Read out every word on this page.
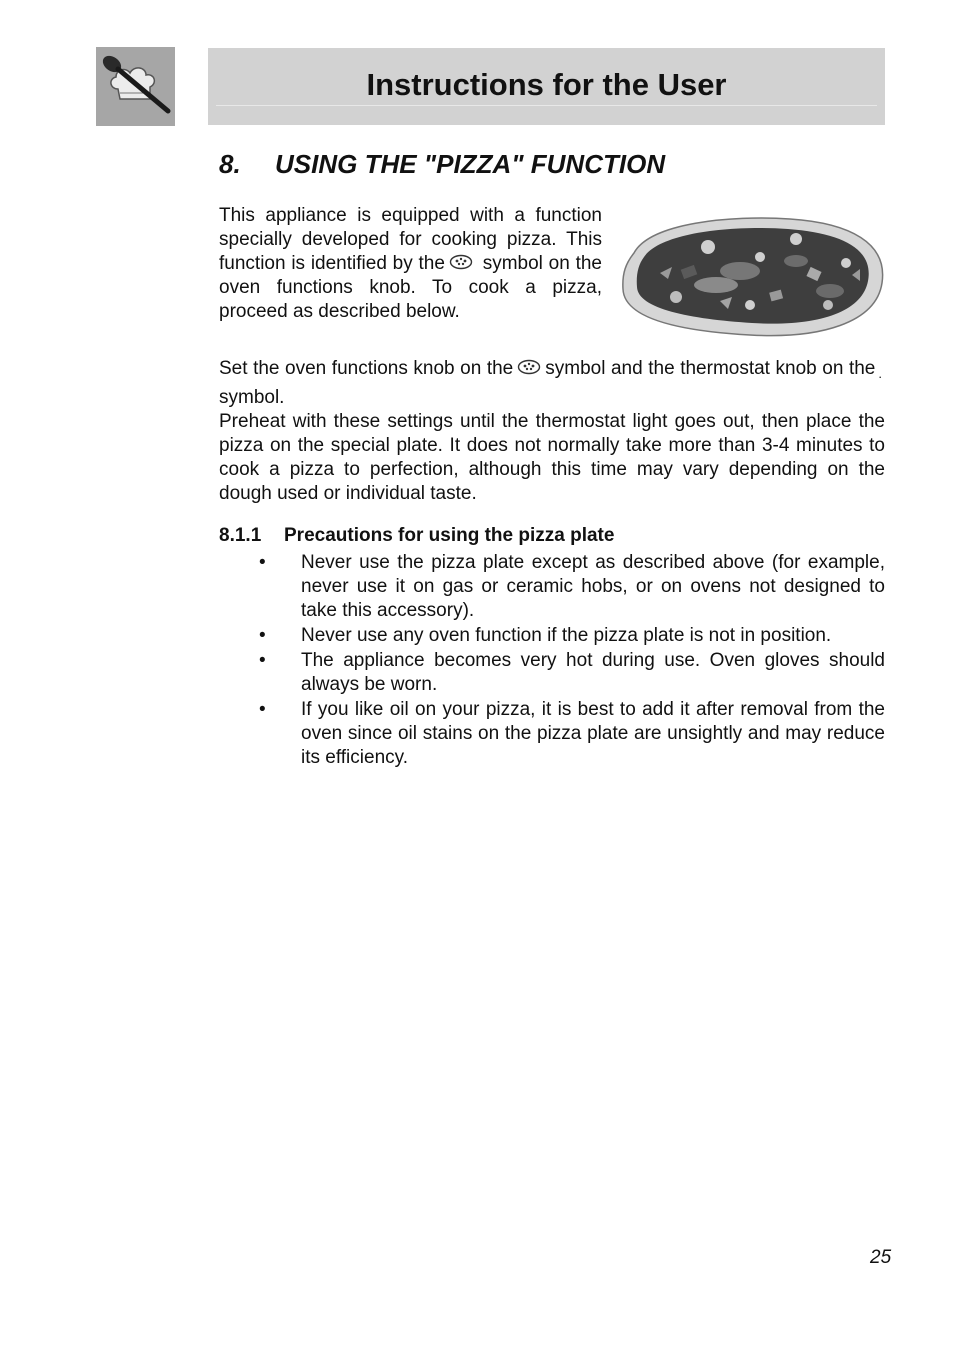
Instructions for the User
8. USING THE "PIZZA" FUNCTION

This appliance is equipped with a function specially developed for cooking pizza. This function is identified by the symbol on the oven functions knob. To cook a pizza, proceed as described below.

Set the oven functions knob on the symbol and the thermostat knob on the .symbol.

Preheat with these settings until the thermostat light goes out, then place the pizza on the special plate. It does not normally take more than 3-4 minutes to cook a pizza to perfection, although this time may vary depending on the dough used or individual taste.

8.1.1 Precautions for using the pizza plate
• Never use the pizza plate except as described above (for example, never use it on gas or ceramic hobs, or on ovens not designed to take this accessory).
• Never use any oven function if the pizza plate is not in position.
• The appliance becomes very hot during use. Oven gloves should always be worn.
• If you like oil on your pizza, it is best to add it after removal from the oven since oil stains on the pizza plate are unsightly and may reduce its efficiency.
25
